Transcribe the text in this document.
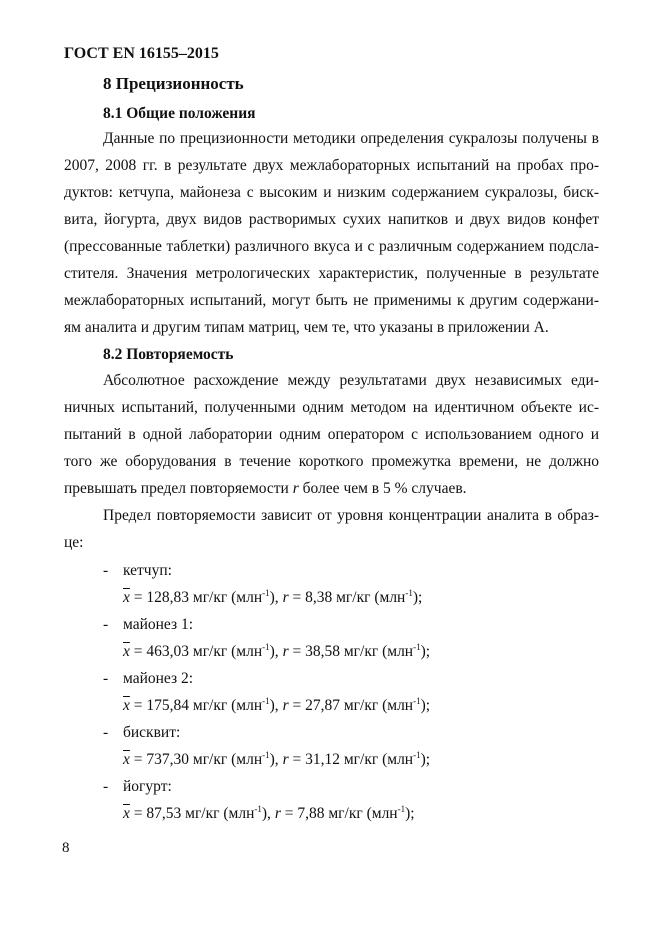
ГОСТ EN 16155–2015
8 Прецизионность
8.1 Общие положения
Данные по прецизионности методики определения сукралозы получены в
2007, 2008 гг. в результате двух межлабораторных испытаний на пробах про-
дуктов: кетчупа, майонеза с высоким и низким содержанием сукралозы, биск-
вита, йогурта, двух видов растворимых сухих напитков и двух видов конфет
(прессованные таблетки) различного вкуса и с различным содержанием подсла-
стителя. Значения метрологических характеристик, полученные в результате
межлабораторных испытаний, могут быть не применимы к другим содержани-
ям аналита и другим типам матриц, чем те, что указаны в приложении А.
8.2 Повторяемость
Абсолютное расхождение между результатами двух независимых еди-
ничных испытаний, полученными одним методом на идентичном объекте ис-
пытаний в одной лаборатории одним оператором с использованием одного и
того же оборудования в течение короткого промежутка времени, не должно
превышать предел повторяемости r более чем в 5 % случаев.
Предел повторяемости зависит от уровня концентрации аналита в образ-
це:
- кетчуп:
$\overline{x} = 128,83$ мг/кг (млн$^{-1}$), r = 8,38 мг/кг (млн$^{-1}$);
- майонез 1:
$\overline{x} = 463,03$ мг/кг (млн$^{-1}$), r = 38,58 мг/кг (млн$^{-1}$);
- майонез 2:
$\overline{x} = 175,84$ мг/кг (млн$^{-1}$), r = 27,87 мг/кг (млн$^{-1}$);
- бисквит:
$\overline{x} = 737,30$ мг/кг (млн$^{-1}$), r = 31,12 мг/кг (млн$^{-1}$);
- йогурт:
$\overline{x} = 87,53$ мг/кг (млн$^{-1}$), r = 7,88 мг/кг (млн$^{-1}$);
8
